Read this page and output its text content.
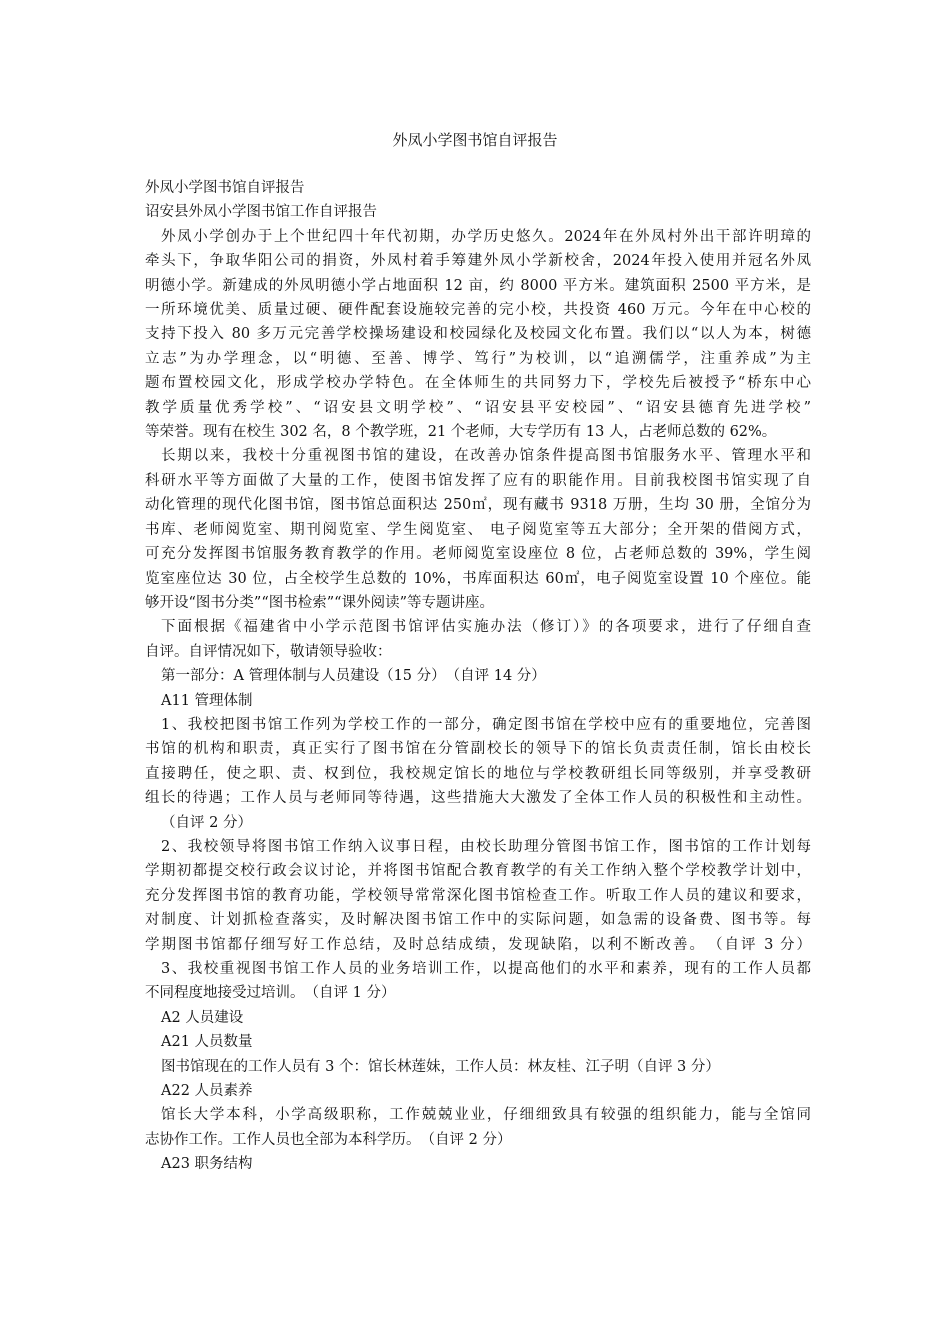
外凤小学图书馆自评报告

外凤小学图书馆自评报告

诏安县外凤小学图书馆工作自评报告

外凤小学创办于上个世纪四十年代初期，办学历史悠久。2024年在外凤村外出干部许明璋的

牵头下，争取华阳公司的捐资，外凤村着手筹建外凤小学新校舍，2024年投入使用并冠名外凤

明德小学。新建成的外凤明德小学占地面积 12 亩，约 8000 平方米。建筑面积 2500 平方米，是

一所环境优美、质量过硬、硬件配套设施较完善的完小校，共投资 460 万元。今年在中心校的

支持下投入 80 多万元完善学校操场建设和校园绿化及校园文化布置。我们以“以人为本，树德

立志”为办学理念，以“明德、至善、博学、笃行”为校训，以“追溯儒学，注重养成”为主

题布置校园文化，形成学校办学特色。在全体师生的共同努力下，学校先后被授予“桥东中心

教学质量优秀学校”、“诏安县文明学校”、“诏安县平安校园”、“诏安县德育先进学校”

等荣誉。现有在校生 302 名，8 个教学班，21 个老师，大专学历有 13 人，占老师总数的 62%。

长期以来，我校十分重视图书馆的建设，在改善办馆条件提高图书馆服务水平、管理水平和

科研水平等方面做了大量的工作，使图书馆发挥了应有的职能作用。目前我校图书馆实现了自

动化管理的现代化图书馆，图书馆总面积达 250㎡，现有藏书 9318 万册，生均 30 册，全馆分为

书库、老师阅览室、期刊阅览室、学生阅览室、 电子阅览室等五大部分；全开架的借阅方式，

可充分发挥图书馆服务教育教学的作用。老师阅览室设座位 8 位，占老师总数的 39%，学生阅

览室座位达 30 位，占全校学生总数的 10%，书库面积达 60㎡，电子阅览室设置 10 个座位。能

够开设“图书分类”“图书检索”“课外阅读”等专题讲座。

下面根据《福建省中小学示范图书馆评估实施办法（修订）》的各项要求，进行了仔细自查

自评。自评情况如下，敬请领导验收：

第一部分：A 管理体制与人员建设（15 分）　（自评 14 分）

A11 管理体制

1、我校把图书馆工作列为学校工作的一部分，确定图书馆在学校中应有的重要地位，完善图

书馆的机构和职责，真正实行了图书馆在分管副校长的领导下的馆长负责责任制，馆长由校长

直接聘任，使之职、责、权到位，我校规定馆长的地位与学校教研组长同等级别，并享受教研

组长的待遇；工作人员与老师同等待遇，这些措施大大激发了全体工作人员的积极性和主动性。

（自评 2 分）

2、我校领导将图书馆工作纳入议事日程，由校长助理分管图书馆工作，图书馆的工作计划每

学期初都提交校行政会议讨论，并将图书馆配合教育教学的有关工作纳入整个学校教学计划中，

充分发挥图书馆的教育功能，学校领导常常深化图书馆检查工作。听取工作人员的建议和要求，

对制度、计划抓检查落实，及时解决图书馆工作中的实际问题，如急需的设备费、图书等。每

学期图书馆都仔细写好工作总结，及时总结成绩，发现缺陷，以利不断改善。　（自评 3 分）

3、我校重视图书馆工作人员的业务培训工作，以提高他们的水平和素养，现有的工作人员都

不同程度地接受过培训。　（自评 1 分）

A2 人员建设

A21 人员数量

图书馆现在的工作人员有 3 个：馆长林莲妹，工作人员：林友桂、江子明（自评 3 分）

A22 人员素养

馆长大学本科，小学高级职称，工作兢兢业业，仔细细致具有较强的组织能力，能与全馆同

志协作工作。工作人员也全部为本科学历。　（自评 2 分）

A23 职务结构
